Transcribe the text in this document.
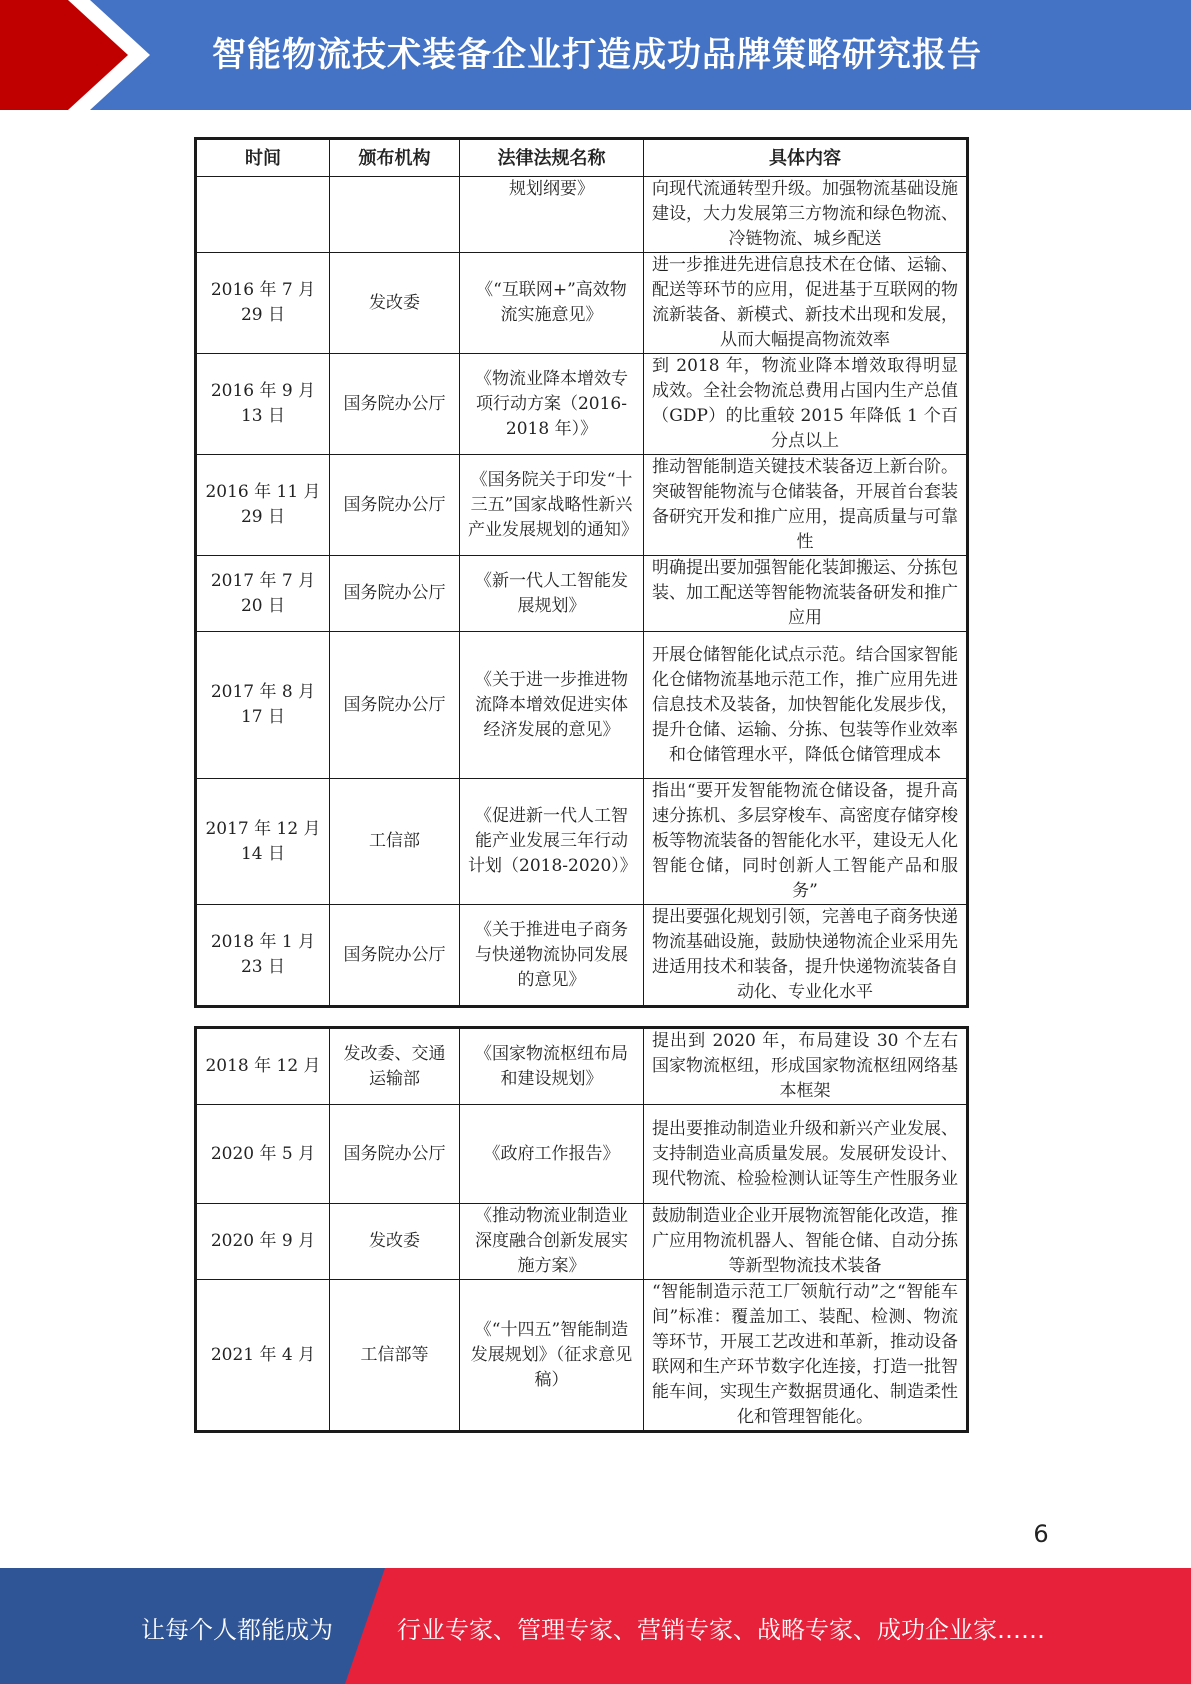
智能物流技术装备企业打造成功品牌策略研究报告
时间	颁布机构	法律法规名称	具体内容
		规划纲要》	向现代流通转型升级。加强物流基础设施建设，大力发展第三方物流和绿色物流、冷链物流、城乡配送
2016 年 7 月 29 日	发改委	《“互联网+”高效物流实施意见》	进一步推进先进信息技术在仓储、运输、配送等环节的应用，促进基于互联网的物流新装备、新模式、新技术出现和发展，从而大幅提高物流效率
2016 年 9 月 13 日	国务院办公厅	《物流业降本增效专项行动方案（2016-2018 年）》	到 2018 年，物流业降本增效取得明显成效。全社会物流总费用占国内生产总值（GDP）的比重较 2015 年降低 1 个百分点以上
2016 年 11 月 29 日	国务院办公厅	《国务院关于印发“十三五”国家战略性新兴产业发展规划的通知》	推动智能制造关键技术装备迈上新台阶。突破智能物流与仓储装备，开展首台套装备研究开发和推广应用，提高质量与可靠性
2017 年 7 月 20 日	国务院办公厅	《新一代人工智能发展规划》	明确提出要加强智能化装卸搬运、分拣包装、加工配送等智能物流装备研发和推广应用
2017 年 8 月 17 日	国务院办公厅	《关于进一步推进物流降本增效促进实体经济发展的意见》	开展仓储智能化试点示范。结合国家智能化仓储物流基地示范工作，推广应用先进信息技术及装备，加快智能化发展步伐，提升仓储、运输、分拣、包装等作业效率和仓储管理水平，降低仓储管理成本
2017 年 12 月 14 日	工信部	《促进新一代人工智能产业发展三年行动计划（2018-2020）》	指出“要开发智能物流仓储设备，提升高速分拣机、多层穿梭车、高密度存储穿梭板等物流装备的智能化水平，建设无人化智能仓储，同时创新人工智能产品和服务”
2018 年 1 月 23 日	国务院办公厅	《关于推进电子商务与快递物流协同发展的意见》	提出要强化规划引领，完善电子商务快递物流基础设施，鼓励快递物流企业采用先进适用技术和装备，提升快递物流装备自动化、专业化水平
2018 年 12 月	发改委、交通运输部	《国家物流枢纽布局和建设规划》	提出到 2020 年，布局建设 30 个左右国家物流枢纽，形成国家物流枢纽网络基本框架
2020 年 5 月	国务院办公厅	《政府工作报告》	提出要推动制造业升级和新兴产业发展、支持制造业高质量发展。发展研发设计、现代物流、检验检测认证等生产性服务业
2020 年 9 月	发改委	《推动物流业制造业深度融合创新发展实施方案》	鼓励制造业企业开展物流智能化改造，推广应用物流机器人、智能仓储、自动分拣等新型物流技术装备
2021 年 4 月	工信部等	《“十四五”智能制造发展规划》（征求意见稿）	“智能制造示范工厂领航行动”之“智能车间”标准：覆盖加工、装配、检测、物流等环节，开展工艺改进和革新，推动设备联网和生产环节数字化连接，打造一批智能车间，实现生产数据贯通化、制造柔性化和管理智能化。
6
让每个人都能成为	行业专家、管理专家、营销专家、战略专家、成功企业家……
